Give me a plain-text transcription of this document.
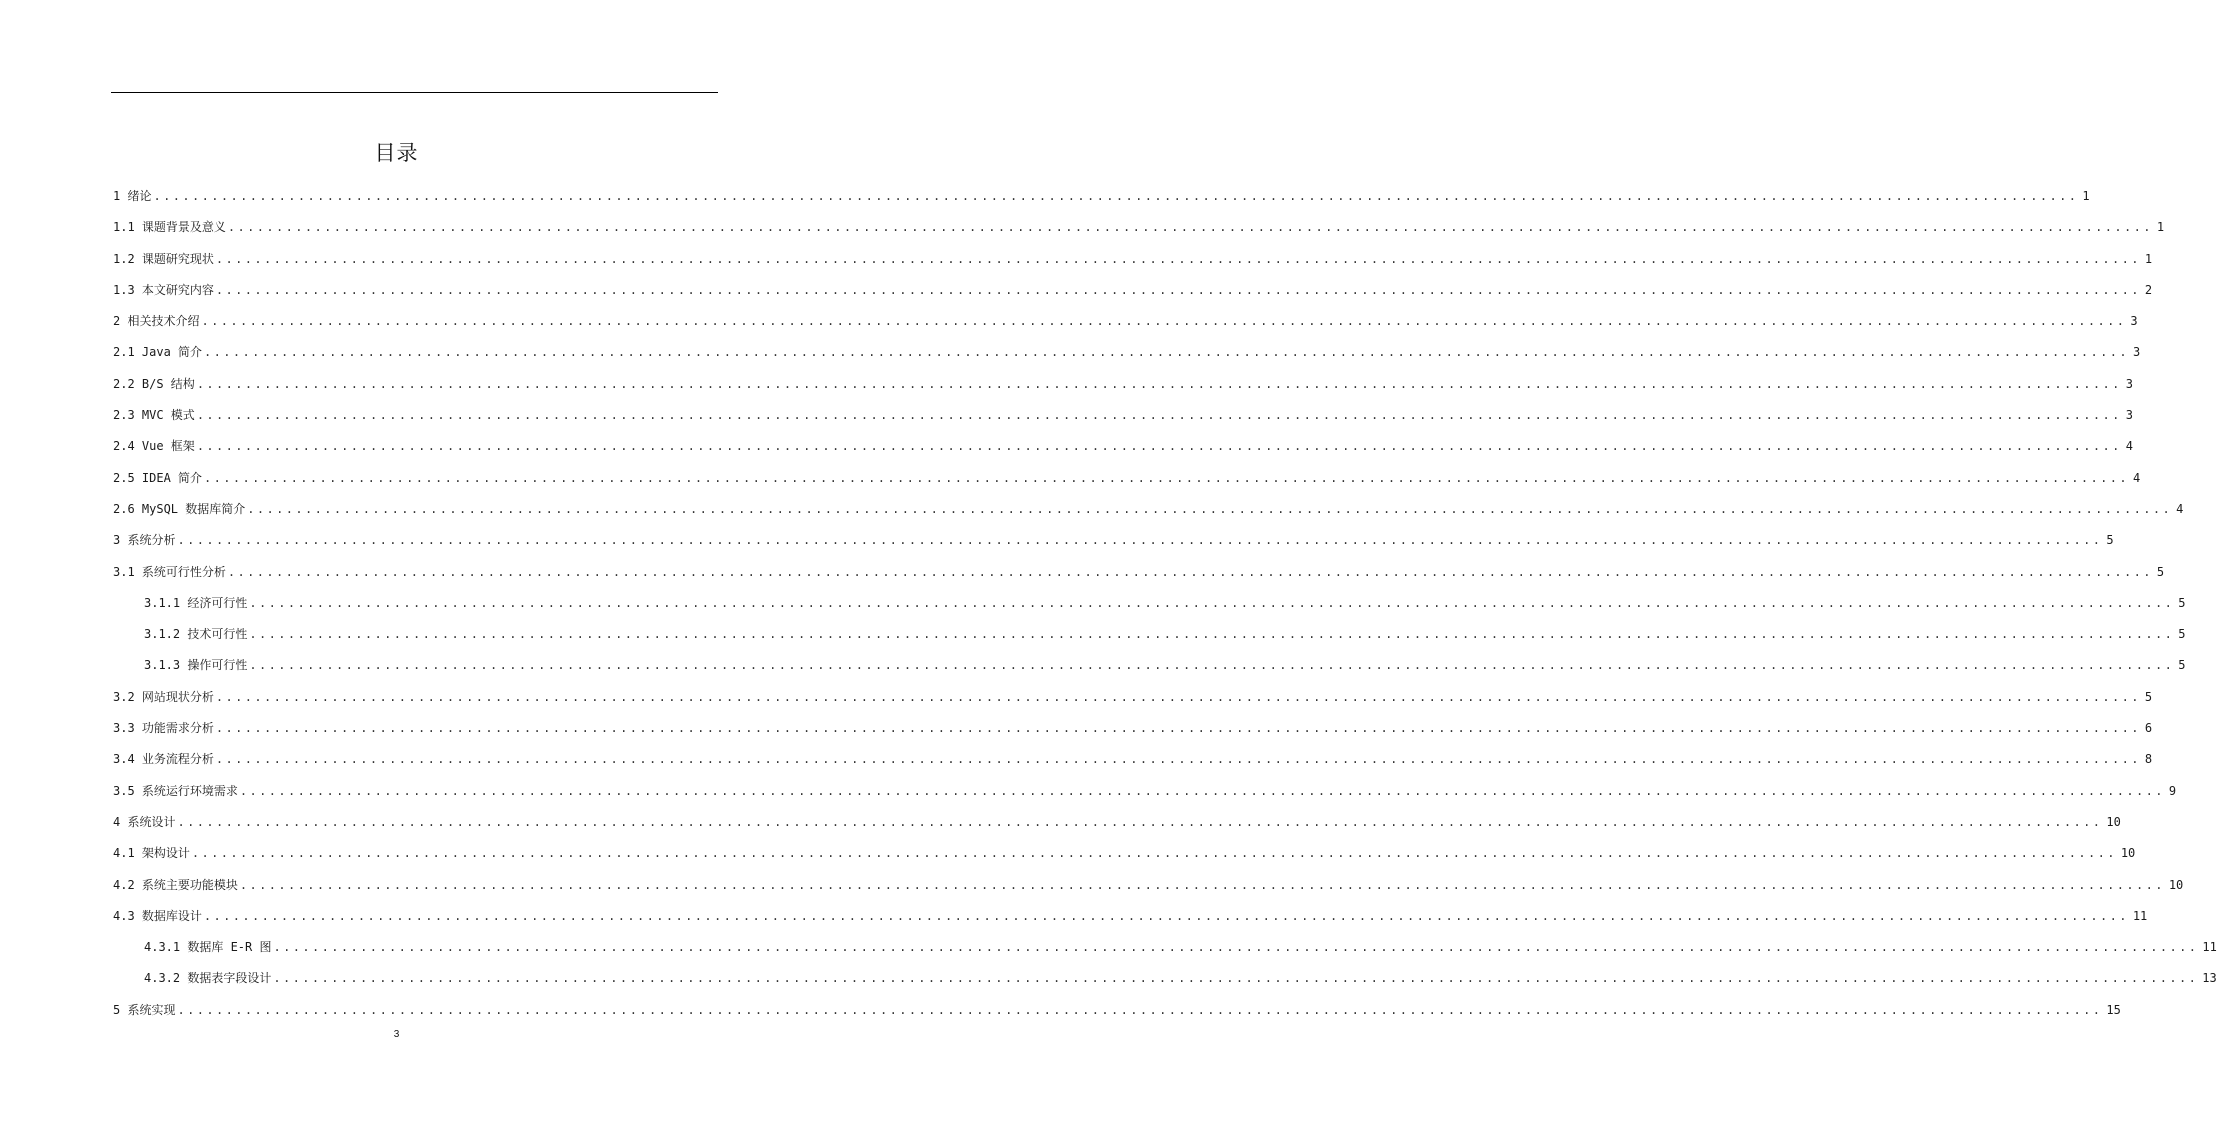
目录
1 绪论 ........................................................................................................................................................................................................ 1
1.1 课题背景及意义 ........................................................................................................................................................................................................ 1
1.2 课题研究现状 ........................................................................................................................................................................................................ 1
1.3 本文研究内容 ........................................................................................................................................................................................................ 2
2 相关技术介绍 ........................................................................................................................................................................................................ 3
2.1 Java 简介 ........................................................................................................................................................................................................ 3
2.2 B/S 结构 ........................................................................................................................................................................................................ 3
2.3 MVC 模式 ........................................................................................................................................................................................................ 3
2.4 Vue 框架 ........................................................................................................................................................................................................ 4
2.5 IDEA 简介 ........................................................................................................................................................................................................ 4
2.6 MySQL 数据库简介 ........................................................................................................................................................................................................ 4
3 系统分析 ........................................................................................................................................................................................................ 5
3.1 系统可行性分析 ........................................................................................................................................................................................................ 5
3.1.1 经济可行性 ........................................................................................................................................................................................................ 5
3.1.2 技术可行性 ........................................................................................................................................................................................................ 5
3.1.3 操作可行性 ........................................................................................................................................................................................................ 5
3.2 网站现状分析 ........................................................................................................................................................................................................ 5
3.3 功能需求分析 ........................................................................................................................................................................................................ 6
3.4 业务流程分析 ........................................................................................................................................................................................................ 8
3.5 系统运行环境需求 ........................................................................................................................................................................................................ 9
4 系统设计 ........................................................................................................................................................................................................ 10
4.1 架构设计 ........................................................................................................................................................................................................ 10
4.2 系统主要功能模块 ........................................................................................................................................................................................................ 10
4.3 数据库设计 ........................................................................................................................................................................................................ 11
4.3.1 数据库 E-R 图 ........................................................................................................................................................................................................ 11
4.3.2 数据表字段设计 ........................................................................................................................................................................................................ 13
5 系统实现 ........................................................................................................................................................................................................ 15
3
